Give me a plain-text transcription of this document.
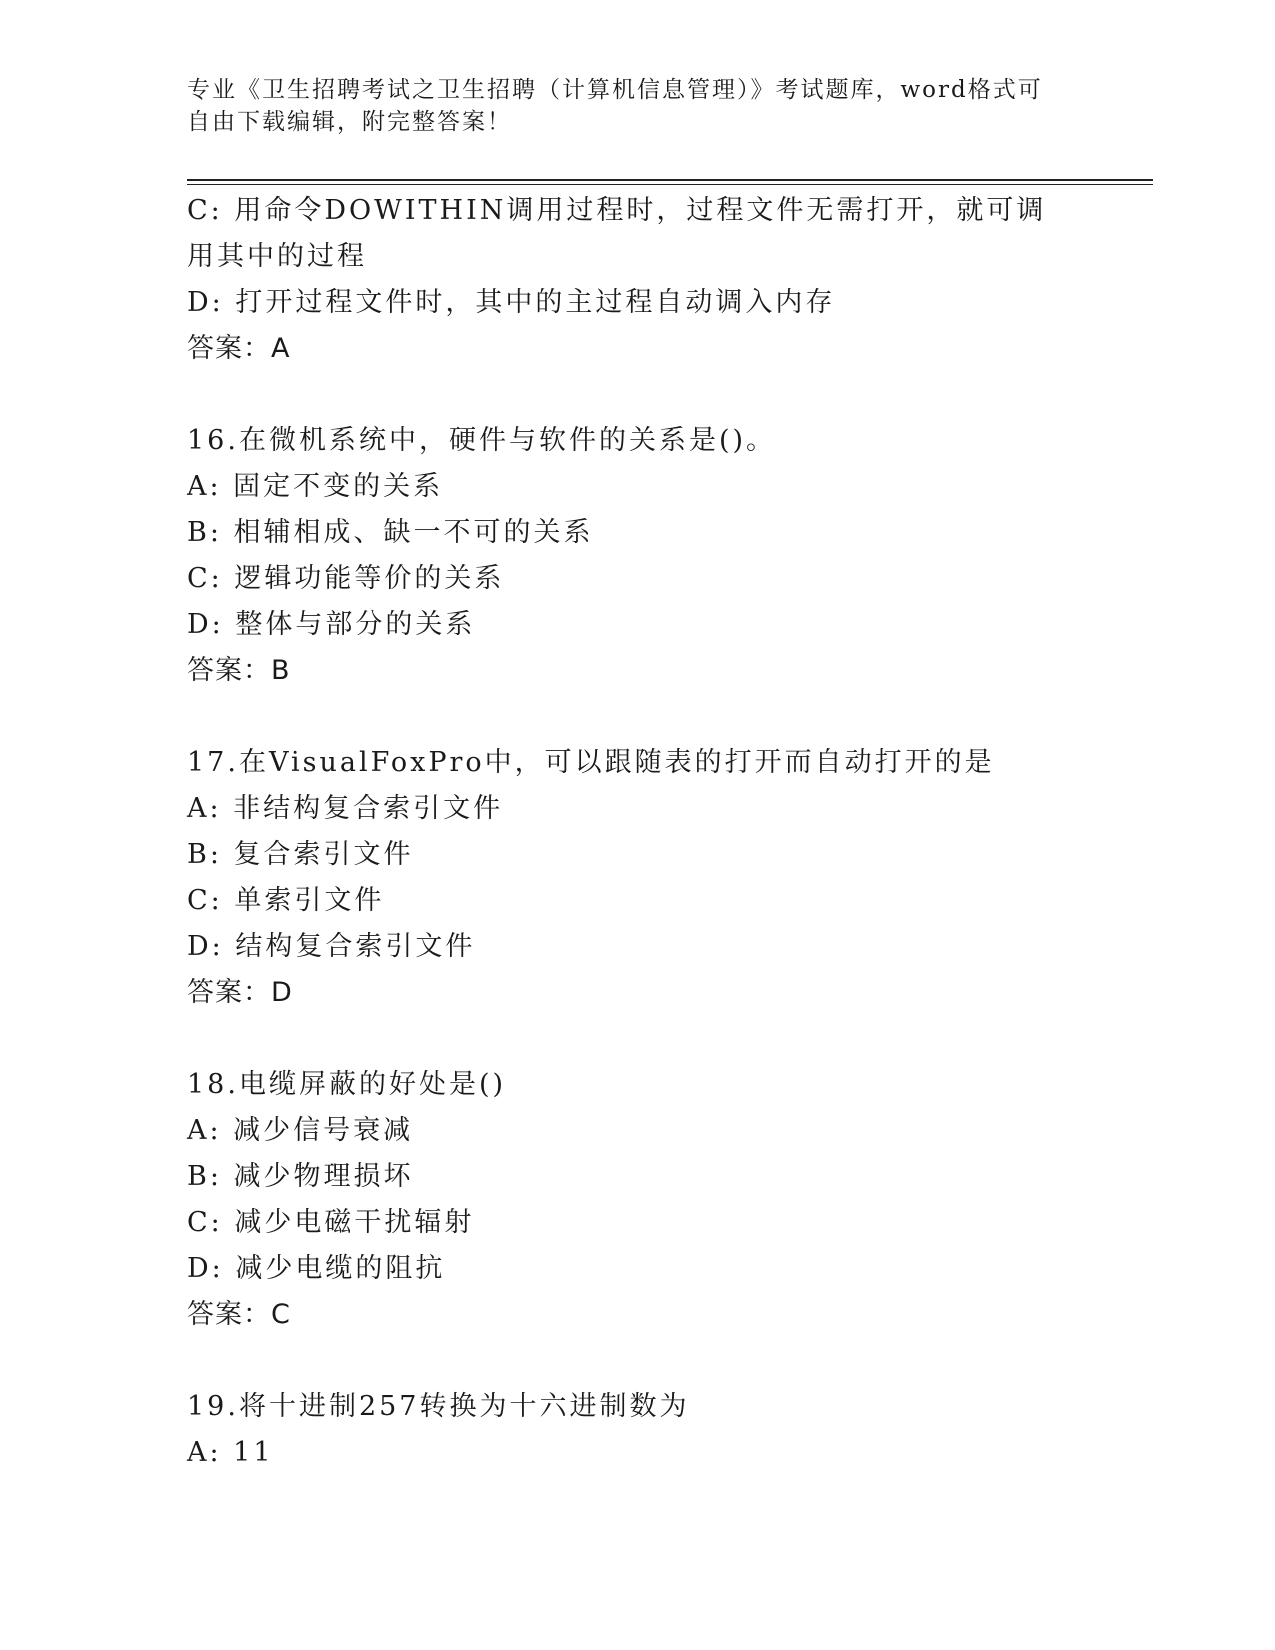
专业《卫生招聘考试之卫生招聘（计算机信息管理）》考试题库，word格式可自由下载编辑，附完整答案！
C: 用命令DOWITHIN调用过程时，过程文件无需打开，就可调用其中的过程
D: 打开过程文件时，其中的主过程自动调入内存
答案：A
16.在微机系统中，硬件与软件的关系是()。
A: 固定不变的关系
B: 相辅相成、缺一不可的关系
C: 逻辑功能等价的关系
D: 整体与部分的关系
答案：B
17.在VisualFoxPro中，可以跟随表的打开而自动打开的是
A: 非结构复合索引文件
B: 复合索引文件
C: 单索引文件
D: 结构复合索引文件
答案：D
18.电缆屏蔽的好处是()
A: 减少信号衰减
B: 减少物理损坏
C: 减少电磁干扰辐射
D: 减少电缆的阻抗
答案：C
19.将十进制257转换为十六进制数为
A: 11
